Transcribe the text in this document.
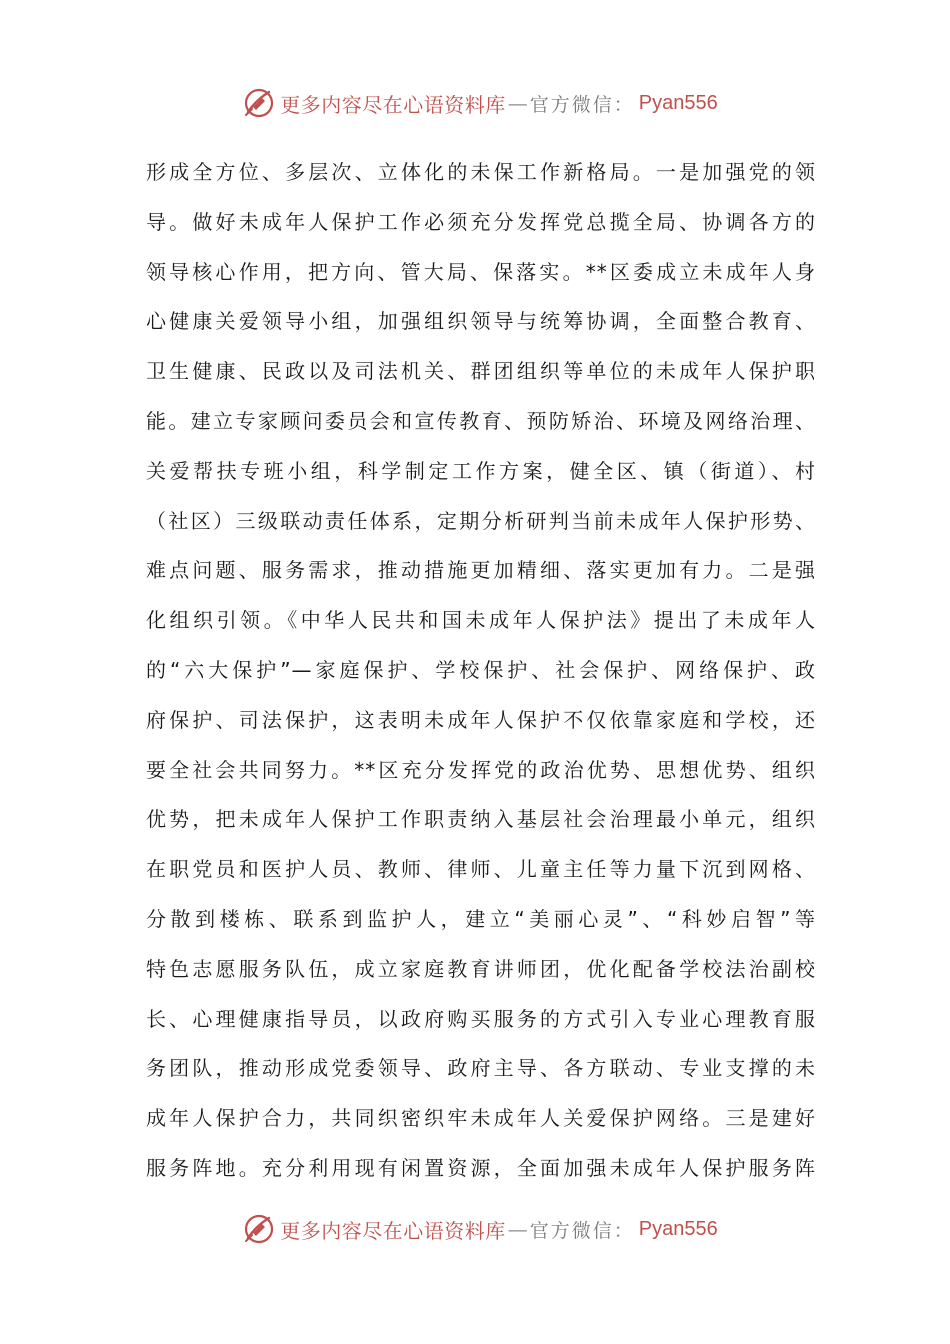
更多内容尽在心语资料库 — 官方微信： Pyan556
形成全方位、多层次、立体化的未保工作新格局。一是加强党的领
导。做好未成年人保护工作必须充分发挥党总揽全局、协调各方的
领导核心作用，把方向、管大局、保落实。**区委成立未成年人身
心健康关爱领导小组，加强组织领导与统筹协调，全面整合教育、
卫生健康、民政以及司法机关、群团组织等单位的未成年人保护职
能。建立专家顾问委员会和宣传教育、预防矫治、环境及网络治理、
关爱帮扶专班小组，科学制定工作方案，健全区、镇（街道）、村
（社区）三级联动责任体系，定期分析研判当前未成年人保护形势、
难点问题、服务需求，推动措施更加精细、落实更加有力。二是强
化组织引领。《中华人民共和国未成年人保护法》提出了未成年人
的“六大保护”—家庭保护、学校保护、社会保护、网络保护、政
府保护、司法保护，这表明未成年人保护不仅依靠家庭和学校，还
要全社会共同努力。**区充分发挥党的政治优势、思想优势、组织
优势，把未成年人保护工作职责纳入基层社会治理最小单元，组织
在职党员和医护人员、教师、律师、儿童主任等力量下沉到网格、
分散到楼栋、联系到监护人，建立“美丽心灵”、“科妙启智”等
特色志愿服务队伍，成立家庭教育讲师团，优化配备学校法治副校
长、心理健康指导员，以政府购买服务的方式引入专业心理教育服
务团队，推动形成党委领导、政府主导、各方联动、专业支撑的未
成年人保护合力，共同织密织牢未成年人关爱保护网络。三是建好
服务阵地。充分利用现有闲置资源，全面加强未成年人保护服务阵
更多内容尽在心语资料库 — 官方微信： Pyan556
